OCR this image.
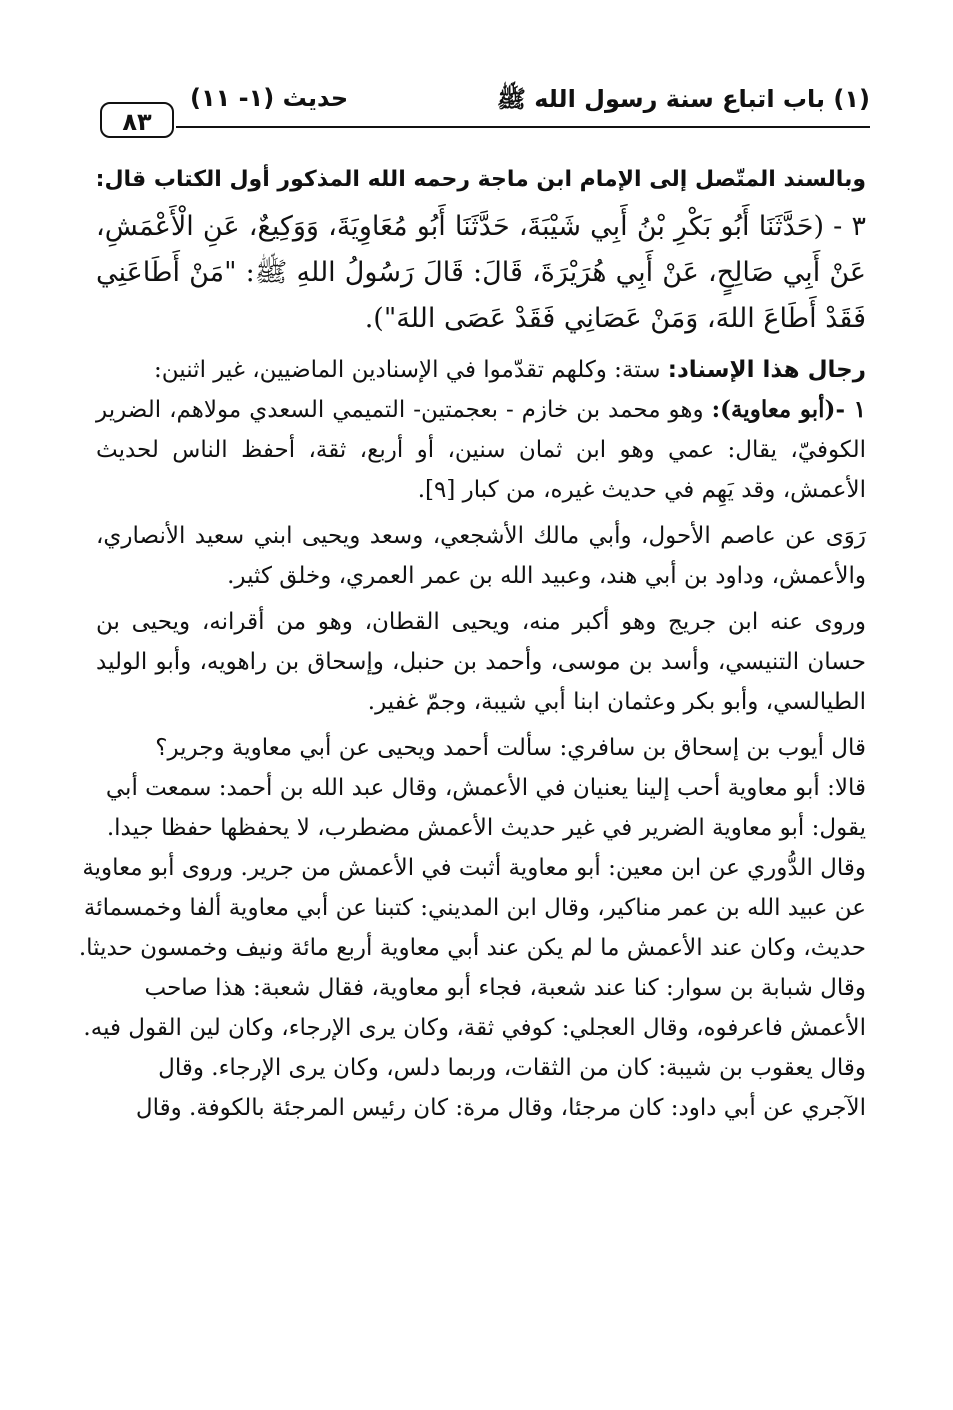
(١) باب اتباع سنة رسول الله ﷺ
حديث (١- ١١)
٨٣

وبالسند المتّصل إلى الإمام ابن ماجة رحمه الله المذكور أول الكتاب قال:

٣ - (حَدَّثَنَا أَبُو بَكْرِ بْنُ أَبِي شَيْبَةَ، حَدَّثَنَا أَبُو مُعَاوِيَةَ، وَوَكِيعٌ، عَنِ الْأَعْمَشِ، عَنْ أَبِي صَالِحٍ، عَنْ أَبِي هُرَيْرَةَ، قَالَ: قَالَ رَسُولُ اللهِ ﷺ: "مَنْ أَطَاعَنِي فَقَدْ أَطَاعَ اللهَ، وَمَنْ عَصَانِي فَقَدْ عَصَى اللهَ").

رجال هذا الإسناد: ستة: وكلهم تقدّموا في الإسنادين الماضيين، غير اثنين:

١ -(أبو معاوية): وهو محمد بن خازم - بعجمتين- التميمي السعدي مولاهم، الضرير الكوفيّ، يقال: عمي وهو ابن ثمان سنين، أو أربع، ثقة، أحفظ الناس لحديث الأعمش، وقد يَهِم في حديث غيره، من كبار [٩].

رَوَى عن عاصم الأحول، وأبي مالك الأشجعي، وسعد ويحيى ابني سعيد الأنصاري، والأعمش، وداود بن أبي هند، وعبيد الله بن عمر العمري، وخلق كثير.

وروى عنه ابن جريج وهو أكبر منه، ويحيى القطان، وهو من أقرانه، ويحيى بن حسان التنيسي، وأسد بن موسى، وأحمد بن حنبل، وإسحاق بن راهويه، وأبو الوليد الطيالسي، وأبو بكر وعثمان ابنا أبي شيبة، وجمّ غفير.

قال أيوب بن إسحاق بن سافري: سألت أحمد ويحيى عن أبي معاوية وجرير؟
قالا: أبو معاوية أحب إلينا يعنيان في الأعمش، وقال عبد الله بن أحمد: سمعت أبي
يقول: أبو معاوية الضرير في غير حديث الأعمش مضطرب، لا يحفظها حفظا جيدا.
وقال الدُّوري عن ابن معين: أبو معاوية أثبت في الأعمش من جرير. وروى أبو معاوية
عن عبيد الله بن عمر مناكير، وقال ابن المديني: كتبنا عن أبي معاوية ألفا وخمسمائة
حديث، وكان عند الأعمش ما لم يكن عند أبي معاوية أربع مائة ونيف وخمسون حديثا.
وقال شبابة بن سوار: كنا عند شعبة، فجاء أبو معاوية، فقال شعبة: هذا صاحب
الأعمش فاعرفوه، وقال العجلي: كوفي ثقة، وكان يرى الإرجاء، وكان لين القول فيه.
وقال يعقوب بن شيبة: كان من الثقات، وربما دلس، وكان يرى الإرجاء. وقال
الآجري عن أبي داود: كان مرجئا، وقال مرة: كان رئيس المرجئة بالكوفة. وقال
